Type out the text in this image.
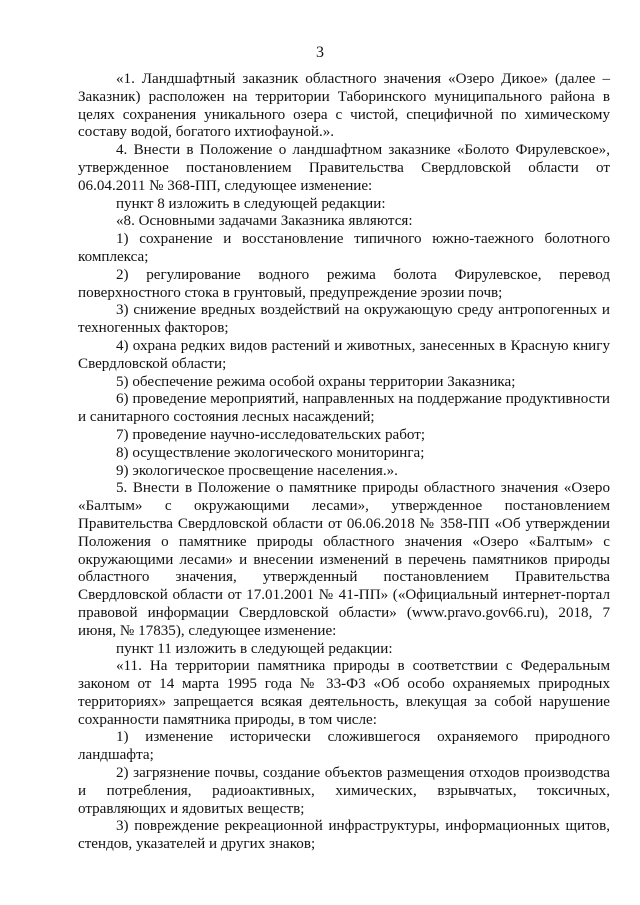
3

«1. Ландшафтный заказник областного значения «Озеро Дикое» (далее – Заказник) расположен на территории Таборинского муниципального района в целях сохранения уникального озера с чистой, специфичной по химическому составу водой, богатого ихтиофауной.».

4. Внести в Положение о ландшафтном заказнике «Болото Фирулевское», утвержденное постановлением Правительства Свердловской области от 06.04.2011 № 368-ПП, следующее изменение:

пункт 8 изложить в следующей редакции:

«8. Основными задачами Заказника являются:

1) сохранение и восстановление типичного южно-таежного болотного комплекса;

2) регулирование водного режима болота Фирулевское, перевод поверхностного стока в грунтовый, предупреждение эрозии почв;

3) снижение вредных воздействий на окружающую среду антропогенных и техногенных факторов;

4) охрана редких видов растений и животных, занесенных в Красную книгу Свердловской области;

5) обеспечение режима особой охраны территории Заказника;

6) проведение мероприятий, направленных на поддержание продуктивности и санитарного состояния лесных насаждений;

7) проведение научно-исследовательских работ;

8) осуществление экологического мониторинга;

9) экологическое просвещение населения.».

5. Внести в Положение о памятнике природы областного значения «Озеро «Балтым» с окружающими лесами», утвержденное постановлением Правительства Свердловской области от 06.06.2018 № 358-ПП «Об утверждении Положения о памятнике природы областного значения «Озеро «Балтым» с окружающими лесами» и внесении изменений в перечень памятников природы областного значения, утвержденный постановлением Правительства Свердловской области от 17.01.2001 № 41-ПП» («Официальный интернет-портал правовой информации Свердловской области» (www.pravo.gov66.ru), 2018, 7 июня, № 17835), следующее изменение:

пункт 11 изложить в следующей редакции:

«11. На территории памятника природы в соответствии с Федеральным законом от 14 марта 1995 года № 33-ФЗ «Об особо охраняемых природных территориях» запрещается всякая деятельность, влекущая за собой нарушение сохранности памятника природы, в том числе:

1) изменение исторически сложившегося охраняемого природного ландшафта;

2) загрязнение почвы, создание объектов размещения отходов производства и потребления, радиоактивных, химических, взрывчатых, токсичных, отравляющих и ядовитых веществ;

3) повреждение рекреационной инфраструктуры, информационных щитов, стендов, указателей и других знаков;
